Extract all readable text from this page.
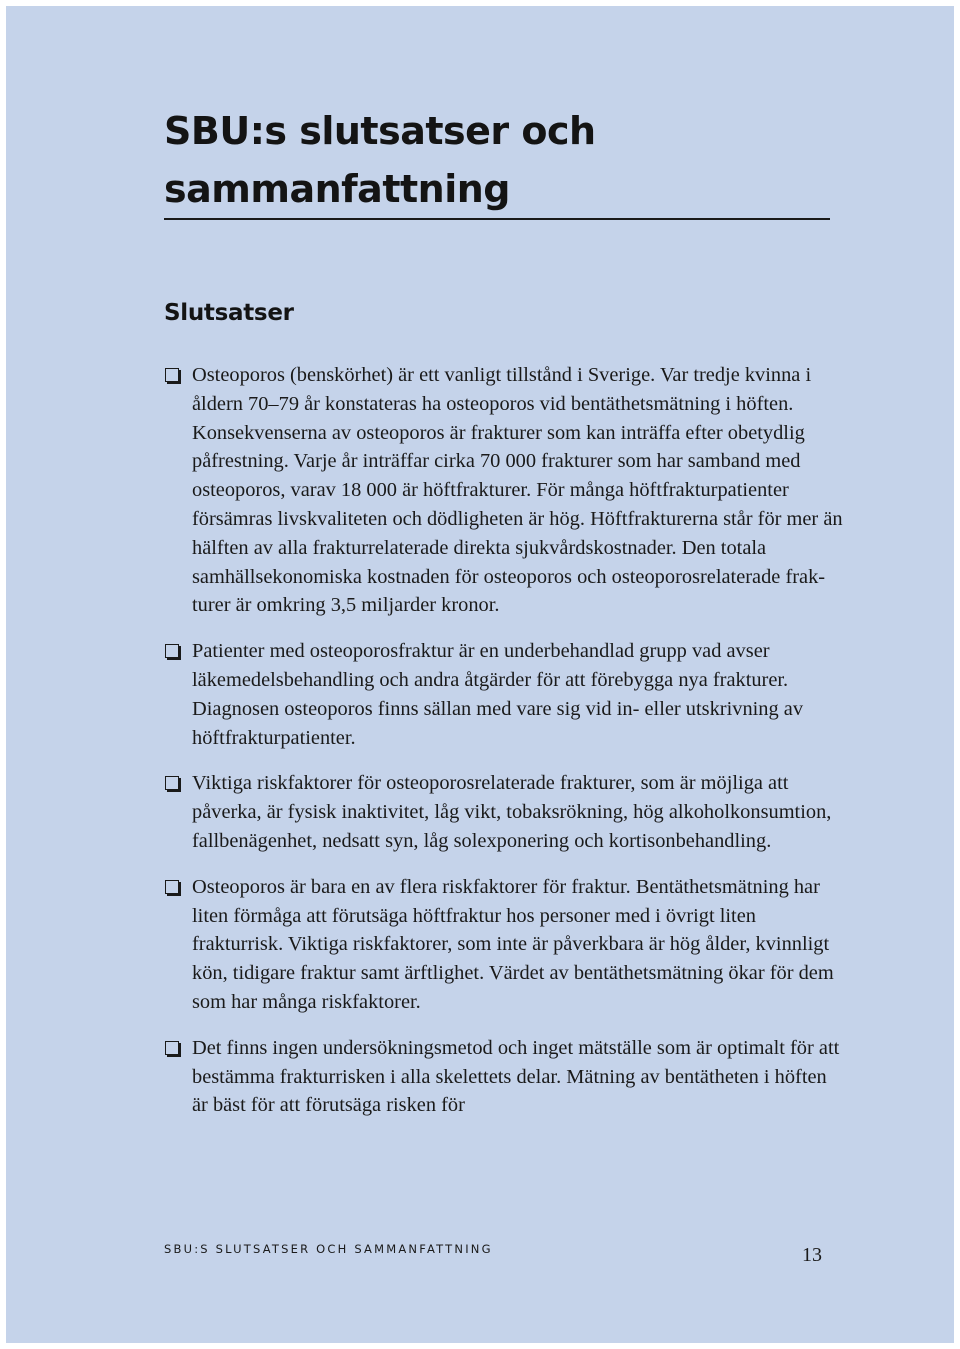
SBU:s slutsatser och sammanfattning
Slutsatser

Osteoporos (benskörhet) är ett vanligt tillstånd i Sverige. Var tredje kvinna i åldern 70–79 år konstateras ha osteoporos vid bentäthetsmätning i höften. Konsekvenserna av osteoporos är frakturer som kan inträffa efter obetydlig påfrestning. Varje år inträffar cirka 70 000 frakturer som har samband med osteoporos, varav 18 000 är höftfrakturer. För många höftfrakturpatienter försämras livskvaliteten och dödligheten är hög. Höftfrakturerna står för mer än hälften av alla frakturrelaterade direkta sjukvårdskostnader. Den totala samhällsekonomiska kostnaden för osteoporos och osteoporosrelaterade frakturer är omkring 3,5 miljarder kronor.

Patienter med osteoporosfraktur är en underbehandlad grupp vad avser läkemedelsbehandling och andra åtgärder för att förebygga nya frakturer. Diagnosen osteoporos finns sällan med vare sig vid in- eller utskrivning av höftfrakturpatienter.

Viktiga riskfaktorer för osteoporosrelaterade frakturer, som är möjliga att påverka, är fysisk inaktivitet, låg vikt, tobaksrökning, hög alkoholkonsumtion, fallbenägenhet, nedsatt syn, låg solexponering och kortisonbehandling.

Osteoporos är bara en av flera riskfaktorer för fraktur. Bentäthetsmätning har liten förmåga att förutsäga höftfraktur hos personer med i övrigt liten frakturrisk. Viktiga riskfaktorer, som inte är påverkbara är hög ålder, kvinnligt kön, tidigare fraktur samt ärftlighet. Värdet av bentäthetsmätning ökar för dem som har många riskfaktorer.

Det finns ingen undersökningsmetod och inget mätställe som är optimalt för att bestämma frakturrisken i alla skelettets delar. Mätning av bentätheten i höften är bäst för att förutsäga risken för

SBU:S SLUTSATSER OCH SAMMANFATTNING	13
